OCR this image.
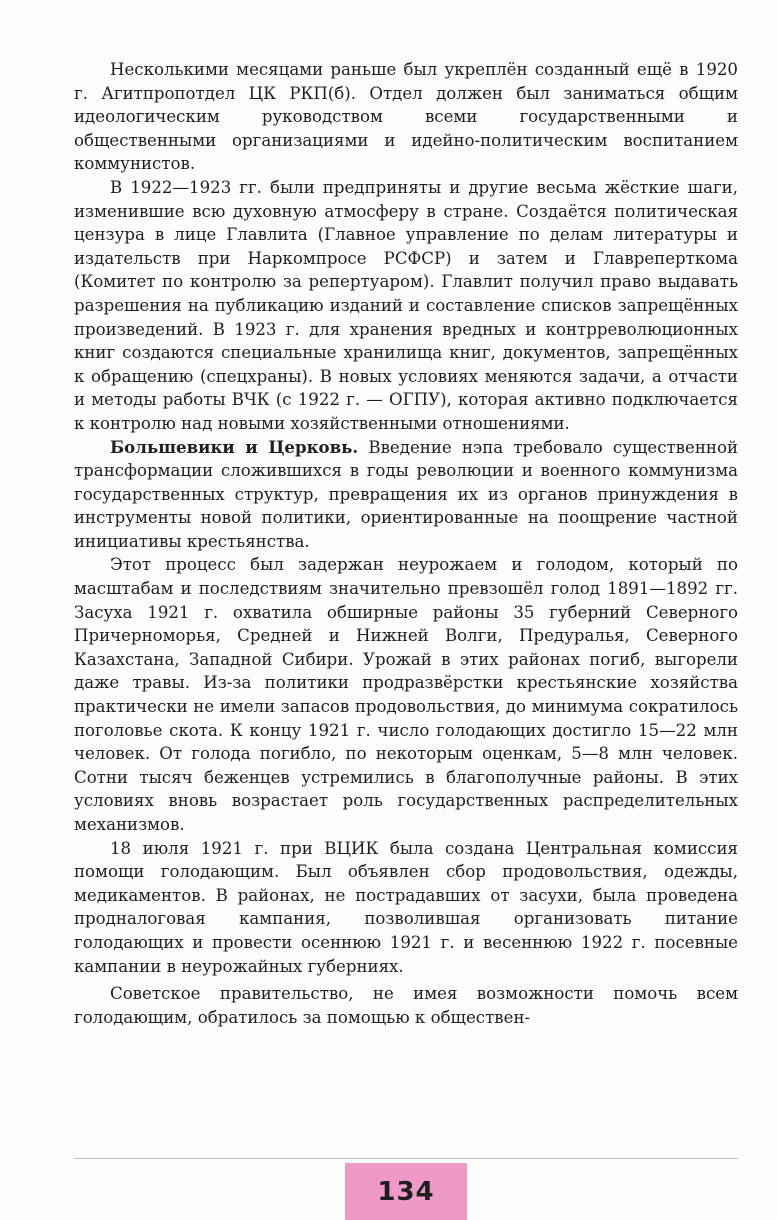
Несколькими месяцами раньше был укреплён созданный ещё в 1920 г. Агитпропотдел ЦК РКП(б). Отдел должен был заниматься общим идеологическим руководством всеми государственными и общественными организациями и идейно-политическим воспитанием коммунистов.

В 1922—1923 гг. были предприняты и другие весьма жёсткие шаги, изменившие всю духовную атмосферу в стране. Создаётся политическая цензура в лице Главлита (Главное управление по делам литературы и издательств при Наркомпросе РСФСР) и затем и Главреперткома (Комитет по контролю за репертуаром). Главлит получил право выдавать разрешения на публикацию изданий и составление списков запрещённых произведений. В 1923 г. для хранения вредных и контрреволюционных книг создаются специальные хранилища книг, документов, запрещённых к обращению (спецхраны). В новых условиях меняются задачи, а отчасти и методы работы ВЧК (с 1922 г. — ОГПУ), которая активно подключается к контролю над новыми хозяйственными отношениями.

Большевики и Церковь. Введение нэпа требовало существенной трансформации сложившихся в годы революции и военного коммунизма государственных структур, превращения их из органов принуждения в инструменты новой политики, ориентированные на поощрение частной инициативы крестьянства.

Этот процесс был задержан неурожаем и голодом, который по масштабам и последствиям значительно превзошёл голод 1891—1892 гг. Засуха 1921 г. охватила обширные районы 35 губерний Северного Причерноморья, Средней и Нижней Волги, Предуралья, Северного Казахстана, Западной Сибири. Урожай в этих районах погиб, выгорели даже травы. Из-за политики продразвёрстки крестьянские хозяйства практически не имели запасов продовольствия, до минимума сократилось поголовье скота. К концу 1921 г. число голодающих достигло 15—22 млн человек. От голода погибло, по некоторым оценкам, 5—8 млн человек. Сотни тысяч беженцев устремились в благополучные районы. В этих условиях вновь возрастает роль государственных распределительных механизмов.

18 июля 1921 г. при ВЦИК была создана Центральная комиссия помощи голодающим. Был объявлен сбор продовольствия, одежды, медикаментов. В районах, не пострадавших от засухи, была проведена продналоговая кампания, позволившая организовать питание голодающих и провести осеннюю 1921 г. и весеннюю 1922 г. посевные кампании в неурожайных губерниях.

Советское правительство, не имея возможности помочь всем голодающим, обратилось за помощью к обществен-

134
